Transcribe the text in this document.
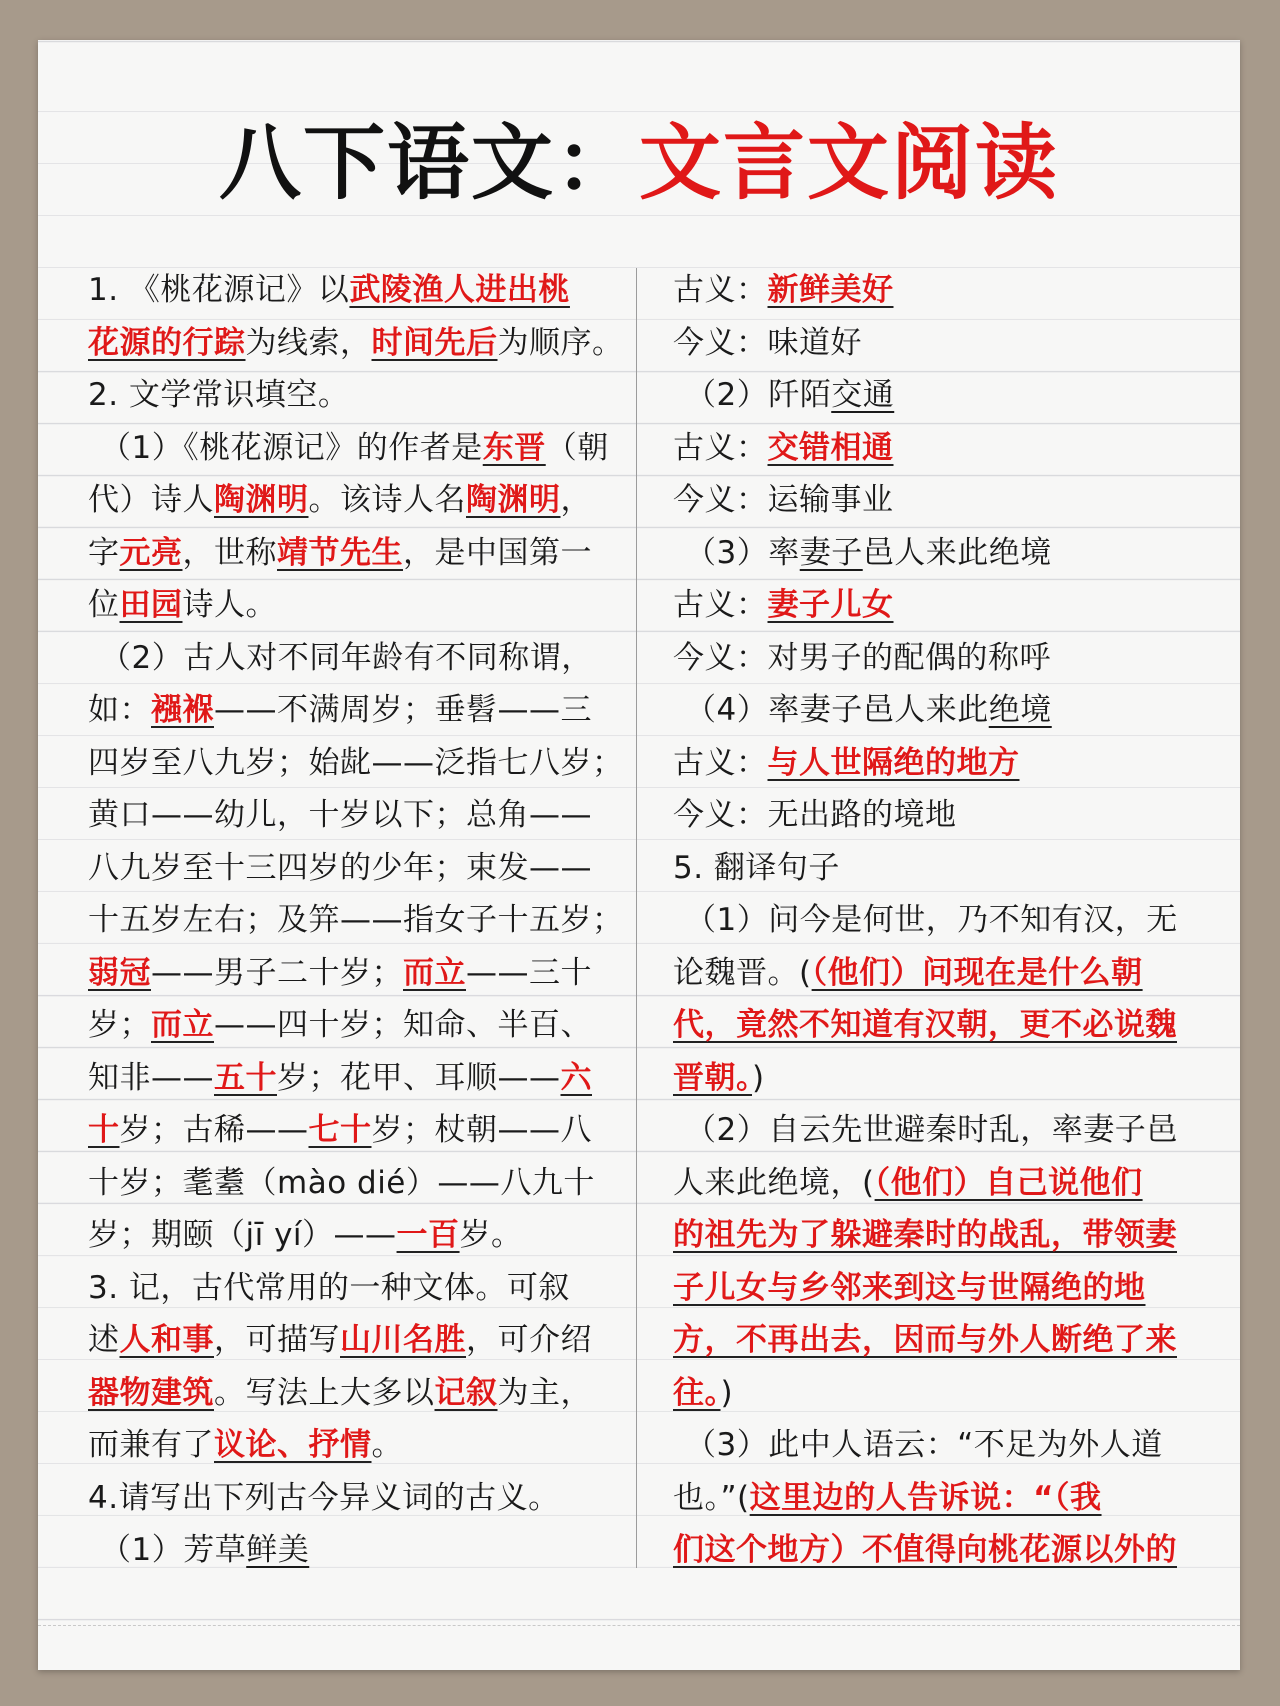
八下语文：文言文阅读
1. 《桃花源记》以武陵渔人进出桃
花源的行踪为线索，时间先后为顺序。
2. 文学常识填空。
（1）《桃花源记》的作者是东晋（朝
代）诗人陶渊明。该诗人名陶渊明，
字元亮，世称靖节先生，是中国第一
位田园诗人。
（2）古人对不同年龄有不同称谓，
如：襁褓——不满周岁；垂髫——三
四岁至八九岁；始龀——泛指七八岁；
黄口——幼儿，十岁以下；总角——
八九岁至十三四岁的少年；束发——
十五岁左右；及笄——指女子十五岁；
弱冠——男子二十岁；而立——三十
岁；而立——四十岁；知命、半百、
知非——五十岁；花甲、耳顺——六
十岁；古稀——七十岁；杖朝——八
十岁；耄耋（mào dié）——八九十
岁；期颐（jī yí）——一百岁。
3. 记，古代常用的一种文体。可叙
述人和事，可描写山川名胜，可介绍
器物建筑。写法上大多以记叙为主，
而兼有了议论、抒情。
4.请写出下列古今异义词的古义。
（1）芳草鲜美
古义：新鲜美好
今义：味道好
（2）阡陌交通
古义：交错相通
今义：运输事业
（3）率妻子邑人来此绝境
古义：妻子儿女
今义：对男子的配偶的称呼
（4）率妻子邑人来此绝境
古义：与人世隔绝的地方
今义：无出路的境地
5. 翻译句子
（1）问今是何世，乃不知有汉，无
论魏晋。(（他们）问现在是什么朝
代，竟然不知道有汉朝，更不必说魏
晋朝。)
（2）自云先世避秦时乱，率妻子邑
人来此绝境，(（他们）自己说他们
的祖先为了躲避秦时的战乱，带领妻
子儿女与乡邻来到这与世隔绝的地
方，不再出去，因而与外人断绝了来
往。)
（3）此中人语云：“不足为外人道
也。”(这里边的人告诉说：“（我
们这个地方）不值得向桃花源以外的
